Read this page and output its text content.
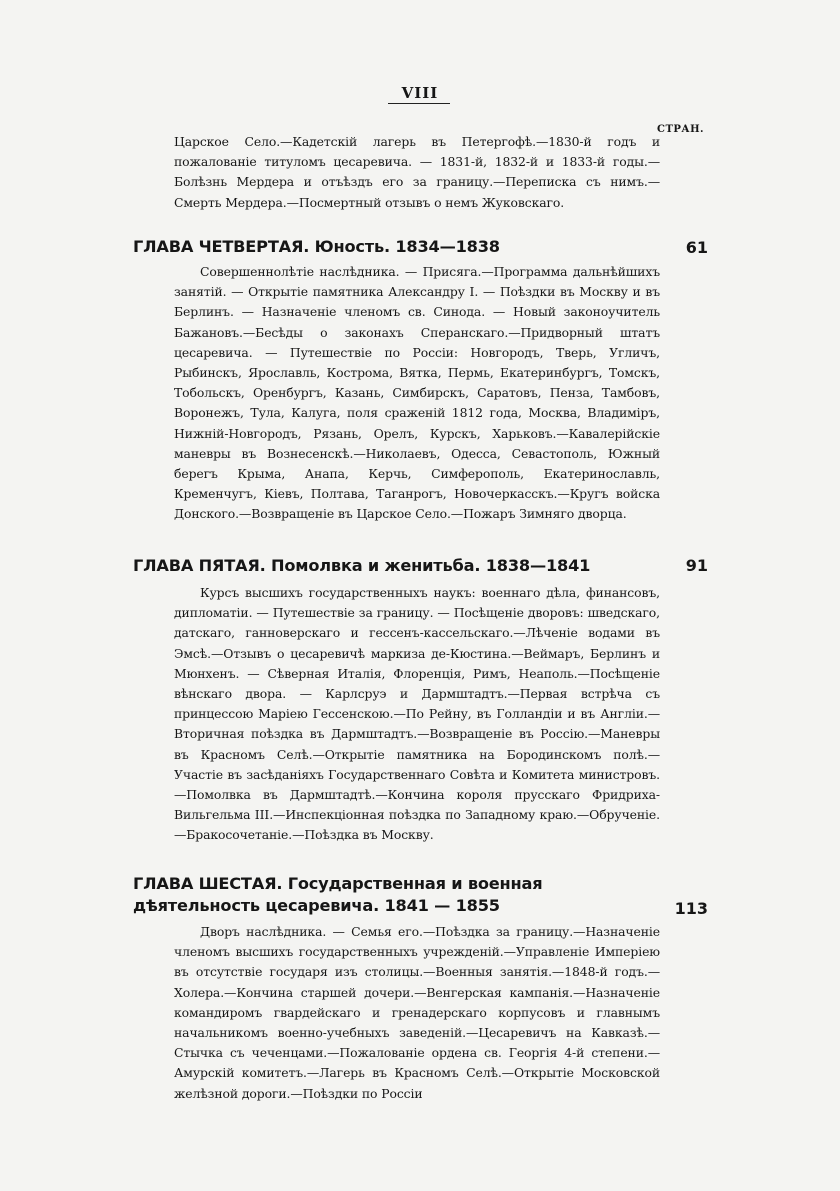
VIII
СТРАН.

Царское Село.—Кадетскій лагерь въ Петергофѣ.—1830-й годъ и пожалованіе титуломъ цесаревича. — 1831-й, 1832-й и 1833-й годы.—Болѣзнь Мердера и отъѣздъ его за границу.—Переписка съ нимъ.—Смерть Мердера.—Посмертный отзывъ о немъ Жуковскаго.

ГЛАВА ЧЕТВЕРТАЯ. Юность. 1834—1838	61

Совершеннолѣтіе наслѣдника. — Присяга.—Программа дальнѣйшихъ занятій. — Открытіе памятника Александру I. — Поѣздки въ Москву и въ Берлинъ. — Назначеніе членомъ св. Синода. — Новый законоучитель Бажановъ.—Бесѣды о законахъ Сперанскаго.—Придворный штатъ цесаревича. — Путешествіе по Россіи: Новгородъ, Тверь, Угличъ, Рыбинскъ, Ярославль, Кострома, Вятка, Пермь, Екатеринбургъ, Томскъ, Тобольскъ, Оренбургъ, Казань, Симбирскъ, Саратовъ, Пенза, Тамбовъ, Воронежъ, Тула, Калуга, поля сраженій 1812 года, Москва, Владиміръ, Нижній-Новгородъ, Рязань, Орелъ, Курскъ, Харьковъ.—Кавалерійскіе маневры въ Вознесенскѣ.—Николаевъ, Одесса, Севастополь, Южный берегъ Крыма, Анапа, Керчь, Симферополь, Екатеринославль, Кременчугъ, Кіевъ, Полтава, Таганрогъ, Новочеркасскъ.—Кругъ войска Донского.—Возвращеніе въ Царское Село.—Пожаръ Зимняго дворца.

ГЛАВА ПЯТАЯ. Помолвка и женитьба. 1838—1841	91

Курсъ высшихъ государственныхъ наукъ: военнаго дѣла, финансовъ, дипломатіи. — Путешествіе за границу. — Посѣщеніе дворовъ: шведскаго, датскаго, ганноверскаго и гессенъ-кассельскаго.—Лѣченіе водами въ Эмсѣ.—Отзывъ о цесаревичѣ маркиза де-Кюстина.—Веймаръ, Берлинъ и Мюнхенъ. — Сѣверная Италія, Флоренція, Римъ, Неаполь.—Посѣщеніе вѣнскаго двора. — Карлсруэ и Дармштадтъ.—Первая встрѣча съ принцессою Маріею Гессенскою.—По Рейну, въ Голландіи и въ Англіи.—Вторичная поѣздка въ Дармштадтъ.—Возвращеніе въ Россію.—Маневры въ Красномъ Селѣ.—Открытіе памятника на Бородинскомъ полѣ.—Участіе въ засѣданіяхъ Государственнаго Совѣта и Комитета министровъ.—Помолвка въ Дармштадтѣ.—Кончина короля прусскаго Фридриха-Вильгельма III.—Инспекціонная поѣздка по Западному краю.—Обрученіе.—Бракосочетаніе.—Поѣздка въ Москву.

ГЛАВА ШЕСТАЯ. Государственная и военная дѣятельность цесаревича. 1841 — 1855	113

Дворъ наслѣдника. — Семья его.—Поѣздка за границу.—Назначеніе членомъ высшихъ государственныхъ учрежденій.—Управленіе Имперіею въ отсутствіе государя изъ столицы.—Военныя занятія.—1848-й годъ.—Холера.—Кончина старшей дочери.—Венгерская кампанія.—Назначеніе командиромъ гвардейскаго и гренадерскаго корпусовъ и главнымъ начальникомъ военно-учебныхъ заведеній.—Цесаревичъ на Кавказѣ.—Стычка съ чеченцами.—Пожалованіе ордена св. Георгія 4-й степени.—Амурскій комитетъ.—Лагерь въ Красномъ Селѣ.—Открытіе Московской желѣзной дороги.—Поѣздки по Россіи
